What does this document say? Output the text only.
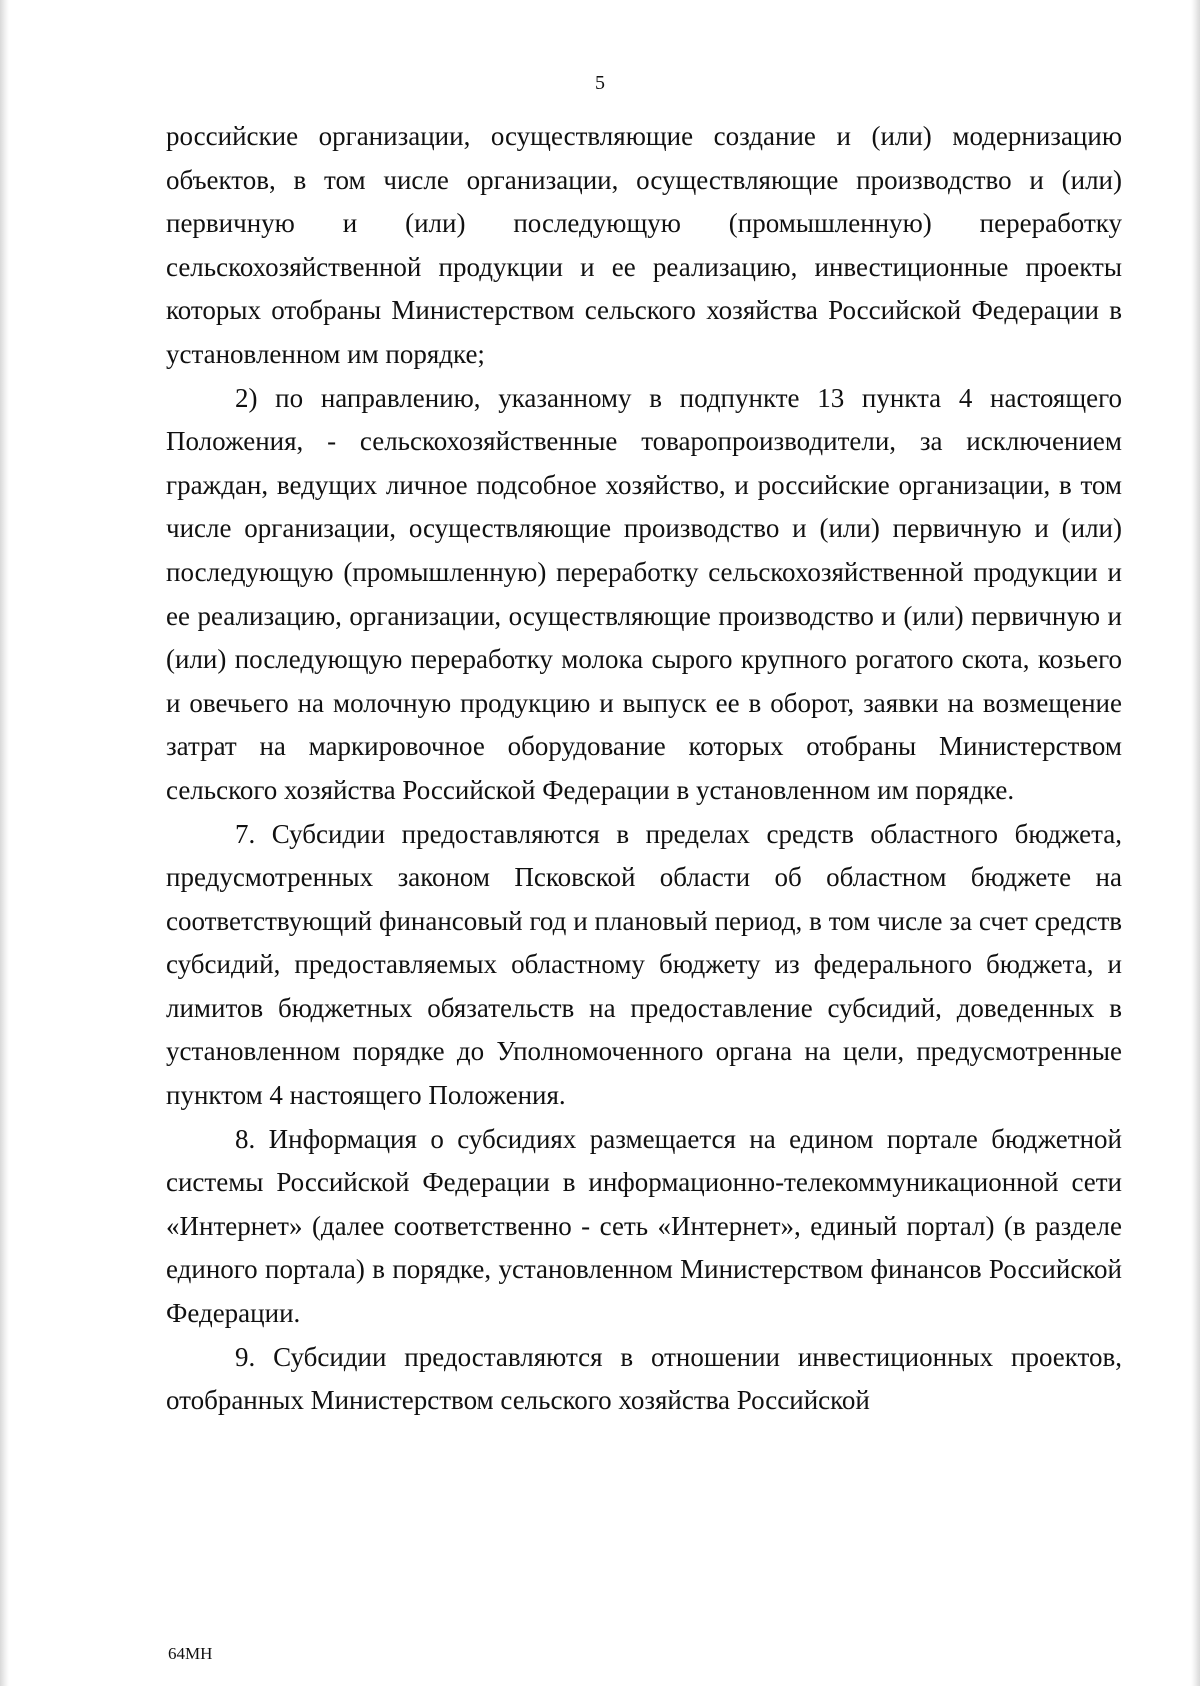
5

российские организации, осуществляющие создание и (или) модернизацию объектов, в том числе организации, осуществляющие производство и (или) первичную и (или) последующую (промышленную) переработку сельскохозяйственной продукции и ее реализацию, инвестиционные проекты которых отобраны Министерством сельского хозяйства Российской Федерации в установленном им порядке;

2) по направлению, указанному в подпункте 13 пункта 4 настоящего Положения, - сельскохозяйственные товаропроизводители, за исключением граждан, ведущих личное подсобное хозяйство, и российские организации, в том числе организации, осуществляющие производство и (или) первичную и (или) последующую (промышленную) переработку сельскохозяйственной продукции и ее реализацию, организации, осуществляющие производство и (или) первичную и (или) последующую переработку молока сырого крупного рогатого скота, козьего и овечьего на молочную продукцию и выпуск ее в оборот, заявки на возмещение затрат на маркировочное оборудование которых отобраны Министерством сельского хозяйства Российской Федерации в установленном им порядке.

7. Субсидии предоставляются в пределах средств областного бюджета, предусмотренных законом Псковской области об областном бюджете на соответствующий финансовый год и плановый период, в том числе за счет средств субсидий, предоставляемых областному бюджету из федерального бюджета, и лимитов бюджетных обязательств на предоставление субсидий, доведенных в установленном порядке до Уполномоченного органа на цели, предусмотренные пунктом 4 настоящего Положения.

8. Информация о субсидиях размещается на едином портале бюджетной системы Российской Федерации в информационно-телекоммуникационной сети «Интернет» (далее соответственно - сеть «Интернет», единый портал) (в разделе единого портала) в порядке, установленном Министерством финансов Российской Федерации.

9. Субсидии предоставляются в отношении инвестиционных проектов, отобранных Министерством сельского хозяйства Российской

64МН
